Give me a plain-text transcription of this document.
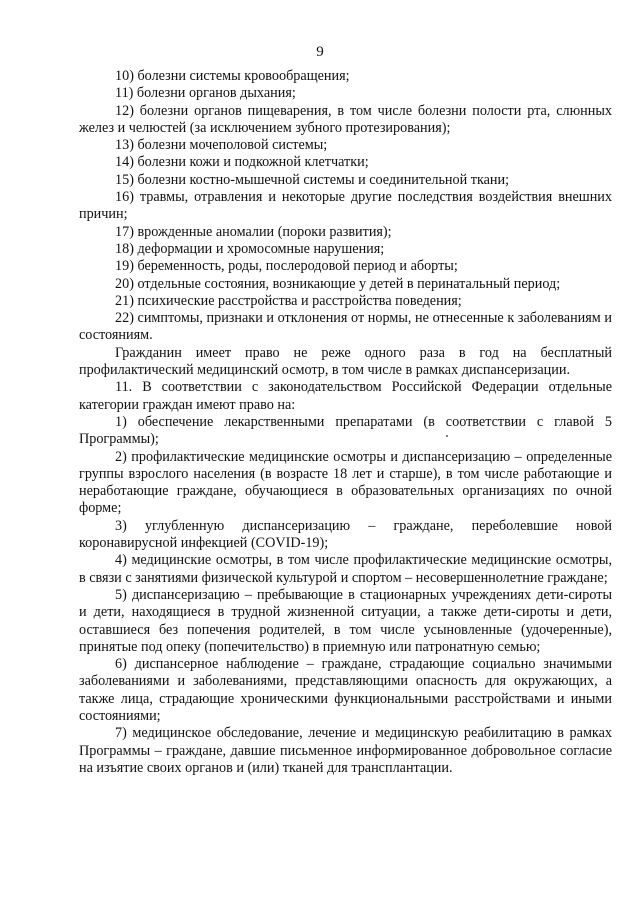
9

10) болезни системы кровообращения;

11) болезни органов дыхания;

12) болезни органов пищеварения, в том числе болезни полости рта, слюнных желез и челюстей (за исключением зубного протезирования);

13) болезни мочеполовой системы;

14) болезни кожи и подкожной клетчатки;

15) болезни костно-мышечной системы и соединительной ткани;

16) травмы, отравления и некоторые другие последствия воздействия внешних причин;

17) врожденные аномалии (пороки развития);

18) деформации и хромосомные нарушения;

19) беременность, роды, послеродовой период и аборты;

20) отдельные состояния, возникающие у детей в перинатальный период;

21) психические расстройства и расстройства поведения;

22) симптомы, признаки и отклонения от нормы, не отнесенные к заболеваниям и состояниям.

Гражданин имеет право не реже одного раза в год на бесплатный профилактический медицинский осмотр, в том числе в рамках диспансеризации.

11. В соответствии с законодательством Российской Федерации отдельные категории граждан имеют право на:

1) обеспечение лекарственными препаратами (в соответствии с главой 5 Программы);

2) профилактические медицинские осмотры и диспансеризацию – определенные группы взрослого населения (в возрасте 18 лет и старше), в том числе работающие и неработающие граждане, обучающиеся в образовательных организациях по очной форме;

3) углубленную диспансеризацию – граждане, переболевшие новой коронавирусной инфекцией (COVID-19);

4) медицинские осмотры, в том числе профилактические медицинские осмотры, в связи с занятиями физической культурой и спортом – несовершеннолетние граждане;

5) диспансеризацию – пребывающие в стационарных учреждениях дети-сироты и дети, находящиеся в трудной жизненной ситуации, а также дети-сироты и дети, оставшиеся без попечения родителей, в том числе усыновленные (удочеренные), принятые под опеку (попечительство) в приемную или патронатную семью;

6) диспансерное наблюдение – граждане, страдающие социально значимыми заболеваниями и заболеваниями, представляющими опасность для окружающих, а также лица, страдающие хроническими функциональными расстройствами и иными состояниями;

7) медицинское обследование, лечение и медицинскую реабилитацию в рамках Программы – граждане, давшие письменное информированное добровольное согласие на изъятие своих органов и (или) тканей для трансплантации.
